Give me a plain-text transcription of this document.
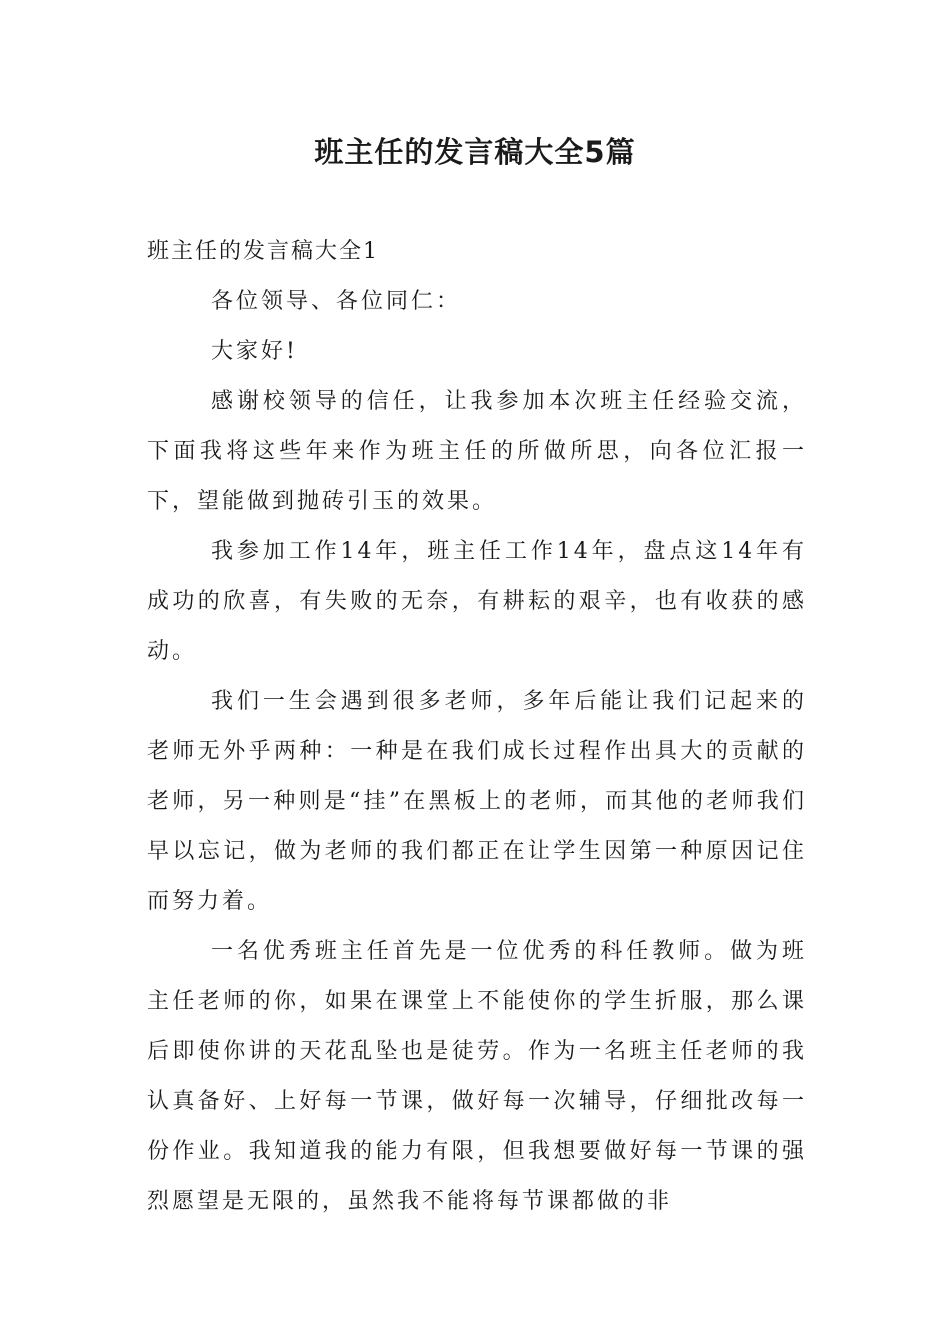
班主任的发言稿大全5篇
班主任的发言稿大全1

各位领导、各位同仁：

大家好!

感谢校领导的信任，让我参加本次班主任经验交流，下面我将这些年来作为班主任的所做所思，向各位汇报一下，望能做到抛砖引玉的效果。

我参加工作14年，班主任工作14年，盘点这14年有成功的欣喜，有失败的无奈，有耕耘的艰辛，也有收获的感动。

我们一生会遇到很多老师，多年后能让我们记起来的老师无外乎两种：一种是在我们成长过程作出具大的贡献的老师，另一种则是“挂”在黑板上的老师，而其他的老师我们早以忘记，做为老师的我们都正在让学生因第一种原因记住而努力着。

一名优秀班主任首先是一位优秀的科任教师。做为班主任老师的你，如果在课堂上不能使你的学生折服，那么课后即使你讲的天花乱坠也是徒劳。作为一名班主任老师的我认真备好、上好每一节课，做好每一次辅导，仔细批改每一份作业。我知道我的能力有限，但我想要做好每一节课的强烈愿望是无限的，虽然我不能将每节课都做的非
